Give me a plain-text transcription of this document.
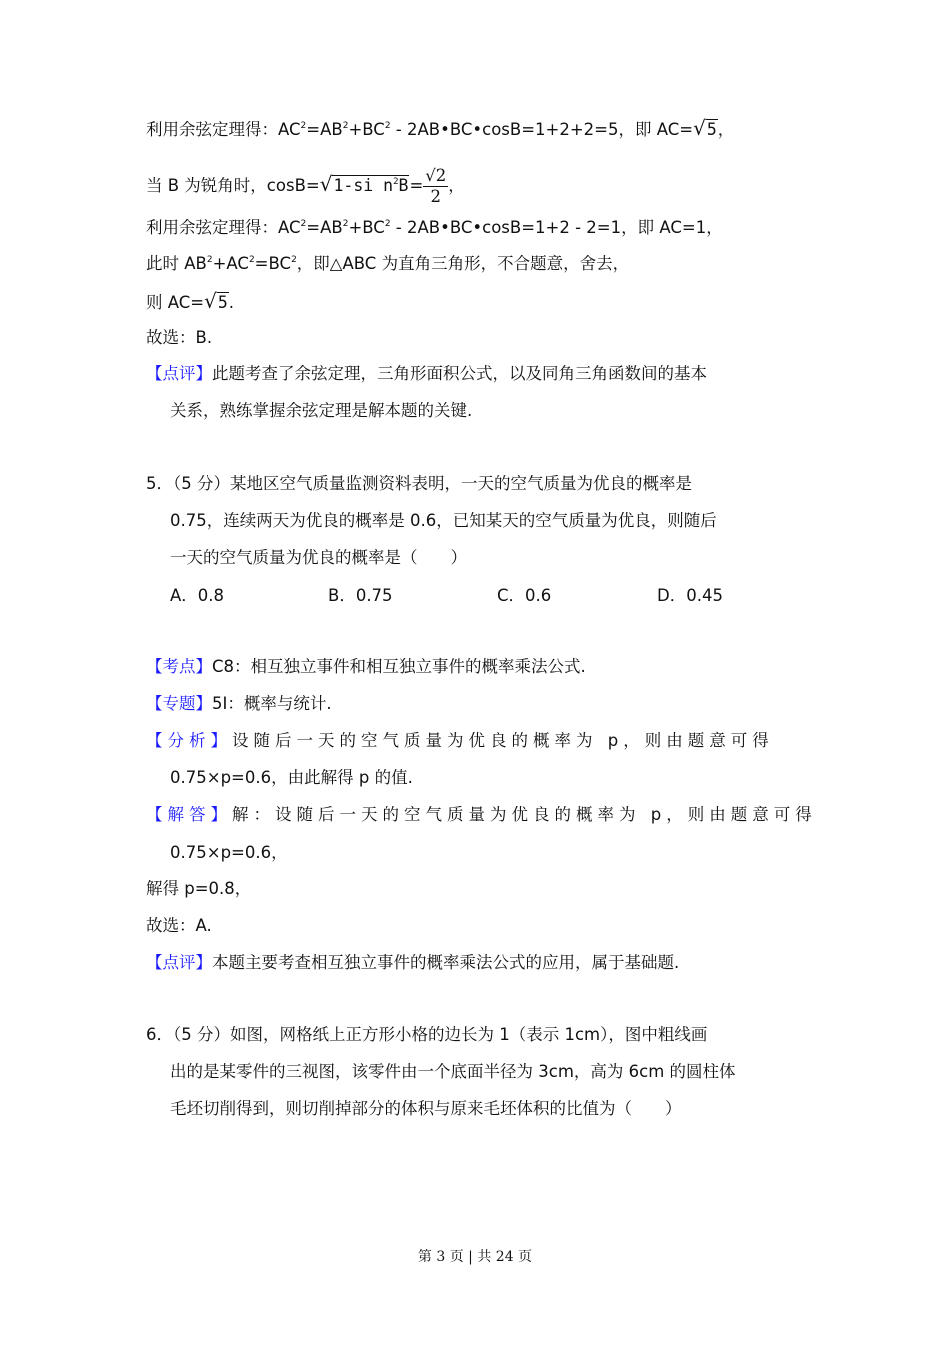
利用余弦定理得：$AC^2=AB^2+BC^2$ - 2AB•BC•cosB=1+2+2=5，即 AC=√5，
当 B 为锐角时，cosB=√1-si $n^2B= \frac{√2}{2}$ ，
利用余弦定理得：$AC^2=AB^2+BC^2$ - 2AB•BC•cosB=1+2 - 2=1，即 AC=1，
此时 $AB^2+AC^2=BC^2$，即△ABC 为直角三角形，不合题意，舍去，
则 AC=√5.
故选：B.
【点评】此题考查了余弦定理，三角形面积公式，以及同角三角函数间的基本
关系，熟练掌握余弦定理是解本题的关键.
5．（5 分）某地区空气质量监测资料表明，一天的空气质量为优良的概率是
0.75，连续两天为优良的概率是 0.6，已知某天的空气质量为优良，则随后
一天的空气质量为优良的概率是（　　）
A．0.8	B．0.75	C．0.6	D．0.45
【考点】C8：相互独立事件和相互独立事件的概率乘法公式.
【专题】5I：概率与统计.
【分析】设随后一天的空气质量为优良的概率为 p，则由题意可得
0.75×p=0.6，由此解得 p 的值.
【解答】解：设随后一天的空气质量为优良的概率为 p，则由题意可得
0.75×p=0.6，
解得 p=0.8，
故选：A.
【点评】本题主要考查相互独立事件的概率乘法公式的应用，属于基础题.
6．（5 分）如图，网格纸上正方形小格的边长为 1（表示 1cm），图中粗线画
出的是某零件的三视图，该零件由一个底面半径为 3cm，高为 6cm 的圆柱体
毛坯切削得到，则切削掉部分的体积与原来毛坯体积的比值为（　　）
第 3 页 | 共 24 页
